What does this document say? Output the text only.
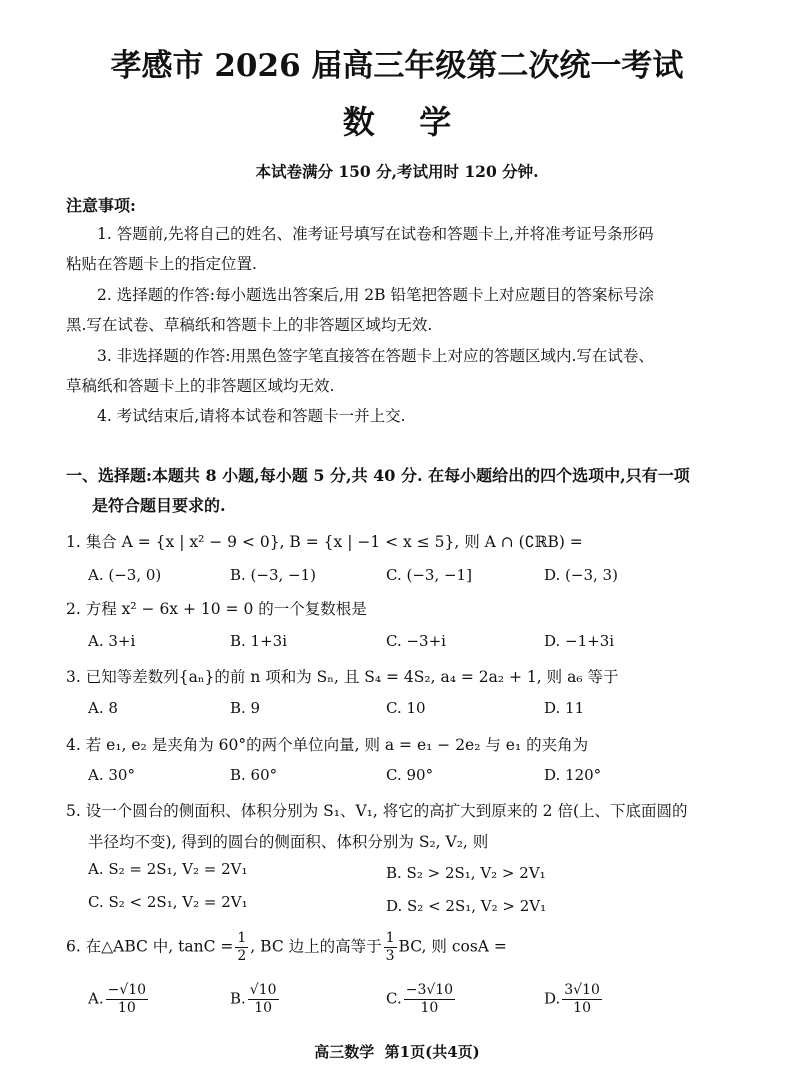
孝感市 2026 届高三年级第二次统一考试
数    学
本试卷满分 150 分,考试用时 120 分钟.
注意事项:
1. 答题前,先将自己的姓名、准考证号填写在试卷和答题卡上,并将准考证号条形码
粘贴在答题卡上的指定位置.
2. 选择题的作答:每小题选出答案后,用 2B 铅笔把答题卡上对应题目的答案标号涂
黑.写在试卷、草稿纸和答题卡上的非答题区域均无效.
3. 非选择题的作答:用黑色签字笔直接答在答题卡上对应的答题区域内.写在试卷、
草稿纸和答题卡上的非答题区域均无效.
4. 考试结束后,请将本试卷和答题卡一并上交.
一、选择题:本题共 8 小题,每小题 5 分,共 40 分. 在每小题给出的四个选项中,只有一项
是符合题目要求的.
1. 集合 A = {x | x² − 9 < 0}, B = {x | −1 < x ≤ 5}, 则 A ∩ (∁ℝB) =
A. (−3, 0)	B. (−3, −1)	C. (−3, −1]	D. (−3, 3)
2. 方程 x² − 6x + 10 = 0 的一个复数根是
A. 3+i	B. 1+3i	C. −3+i	D. −1+3i
3. 已知等差数列{aₙ}的前 n 项和为 Sₙ, 且 S₄ = 4S₂, a₄ = 2a₂ + 1, 则 a₆ 等于
A. 8	B. 9	C. 10	D. 11
4. 若 e₁, e₂ 是夹角为 60°的两个单位向量, 则 a = e₁ − 2e₂ 与 e₁ 的夹角为
A. 30°	B. 60°	C. 90°	D. 120°
5. 设一个圆台的侧面积、体积分别为 S₁、V₁, 将它的高扩大到原来的 2 倍(上、下底面圆的
半径均不变), 得到的圆台的侧面积、体积分别为 S₂, V₂, 则
A. S₂ = 2S₁, V₂ = 2V₁	B. S₂ > 2S₁, V₂ > 2V₁
C. S₂ < 2S₁, V₂ = 2V₁	D. S₂ < 2S₁, V₂ > 2V₁
6. 在△ABC 中, $\tan C = \frac{1}{2}$ , BC 边上的高等于 $\frac{1}{3}$ BC, 则 cosA =
A. $\frac{-√10}{10}$	B. $\frac{√10}{10}$	C. $\frac{-3√10}{10}$	D. $\frac{3√10}{10}$
高三数学  第1页(共4页)
